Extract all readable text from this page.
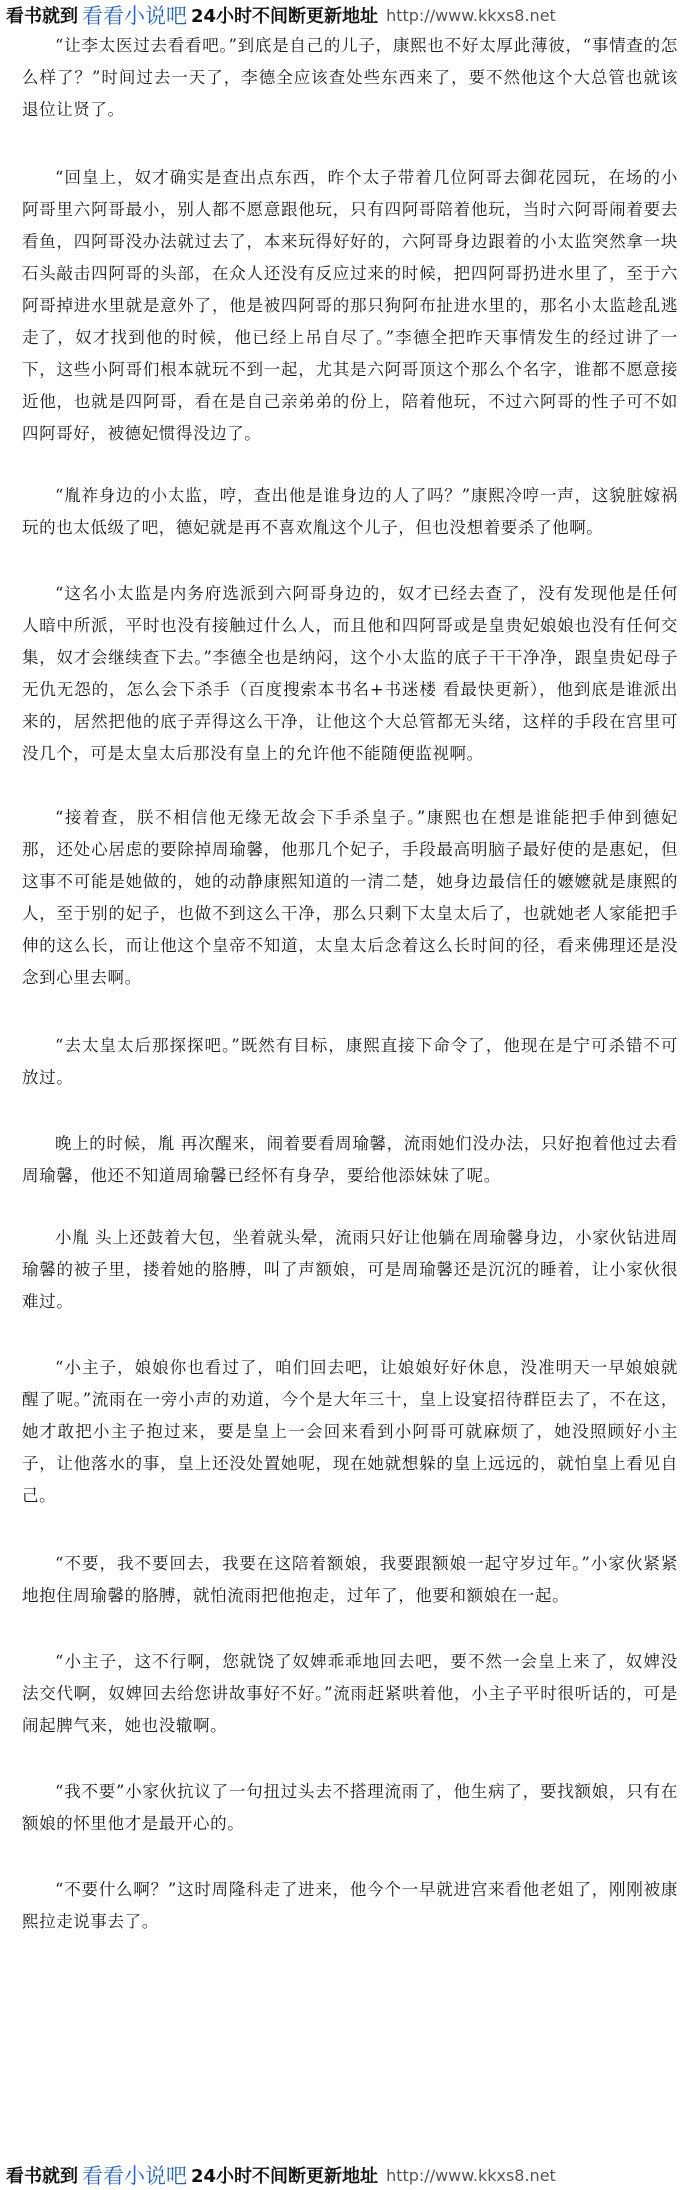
看书就到 看看小说吧 24小时不间断更新地址 http://www.kkxs8.net

“让李太医过去看看吧。”到底是自己的儿子，康熙也不好太厚此薄彼，“事情查的怎么样了？”时间过去一天了，李德全应该查处些东西来了，要不然他这个大总管也就该退位让贤了。

“回皇上，奴才确实是查出点东西，昨个太子带着几位阿哥去御花园玩，在场的小阿哥里六阿哥最小，别人都不愿意跟他玩，只有四阿哥陪着他玩，当时六阿哥闹着要去看鱼，四阿哥没办法就过去了，本来玩得好好的，六阿哥身边跟着的小太监突然拿一块石头敲击四阿哥的头部，在众人还没有反应过来的时候，把四阿哥扔进水里了，至于六阿哥掉进水里就是意外了，他是被四阿哥的那只狗阿布扯进水里的，那名小太监趁乱逃走了，奴才找到他的时候，他已经上吊自尽了。”李德全把昨天事情发生的经过讲了一下，这些小阿哥们根本就玩不到一起，尤其是六阿哥顶这个那么个名字，谁都不愿意接近他，也就是四阿哥，看在是自己亲弟弟的份上，陪着他玩，不过六阿哥的性子可不如四阿哥好，被德妃惯得没边了。

“胤祚身边的小太监，哼，查出他是谁身边的人了吗？”康熙冷哼一声，这貌脏嫁祸玩的也太低级了吧，德妃就是再不喜欢胤这个儿子，但也没想着要杀了他啊。

“这名小太监是内务府选派到六阿哥身边的，奴才已经去查了，没有发现他是任何人暗中所派，平时也没有接触过什么人，而且他和四阿哥或是皇贵妃娘娘也没有任何交集，奴才会继续查下去。”李德全也是纳闷，这个小太监的底子干干净净，跟皇贵妃母子无仇无怨的，怎么会下杀手（百度搜索本书名+书迷楼 看最快更新），他到底是谁派出来的，居然把他的底子弄得这么干净，让他这个大总管都无头绪，这样的手段在宫里可没几个，可是太皇太后那没有皇上的允许他不能随便监视啊。

“接着查，朕不相信他无缘无故会下手杀皇子。”康熙也在想是谁能把手伸到德妃那，还处心居虑的要除掉周瑜馨，他那几个妃子，手段最高明脑子最好使的是惠妃，但这事不可能是她做的，她的动静康熙知道的一清二楚，她身边最信任的嬷嬷就是康熙的人，至于别的妃子，也做不到这么干净，那么只剩下太皇太后了，也就她老人家能把手伸的这么长，而让他这个皇帝不知道，太皇太后念着这么长时间的径，看来佛理还是没念到心里去啊。

“去太皇太后那探探吧。”既然有目标，康熙直接下命令了，他现在是宁可杀错不可放过。

晚上的时候，胤 再次醒来，闹着要看周瑜馨，流雨她们没办法，只好抱着他过去看周瑜馨，他还不知道周瑜馨已经怀有身孕，要给他添妹妹了呢。

小胤 头上还鼓着大包，坐着就头晕，流雨只好让他躺在周瑜馨身边，小家伙钻进周瑜馨的被子里，搂着她的胳膊，叫了声额娘，可是周瑜馨还是沉沉的睡着，让小家伙很难过。

“小主子，娘娘你也看过了，咱们回去吧，让娘娘好好休息，没准明天一早娘娘就醒了呢。”流雨在一旁小声的劝道，今个是大年三十，皇上设宴招待群臣去了，不在这，她才敢把小主子抱过来，要是皇上一会回来看到小阿哥可就麻烦了，她没照顾好小主子，让他落水的事，皇上还没处置她呢，现在她就想躲的皇上远远的，就怕皇上看见自己。

“不要，我不要回去，我要在这陪着额娘，我要跟额娘一起守岁过年。”小家伙紧紧地抱住周瑜馨的胳膊，就怕流雨把他抱走，过年了，他要和额娘在一起。

“小主子，这不行啊，您就饶了奴婢乖乖地回去吧，要不然一会皇上来了，奴婢没法交代啊，奴婢回去给您讲故事好不好。”流雨赶紧哄着他，小主子平时很听话的，可是闹起脾气来，她也没辙啊。

“我不要”小家伙抗议了一句扭过头去不搭理流雨了，他生病了，要找额娘，只有在额娘的怀里他才是最开心的。

“不要什么啊？”这时周隆科走了进来，他今个一早就进宫来看他老姐了，刚刚被康熙拉走说事去了。

看书就到 看看小说吧 24小时不间断更新地址 http://www.kkxs8.net
